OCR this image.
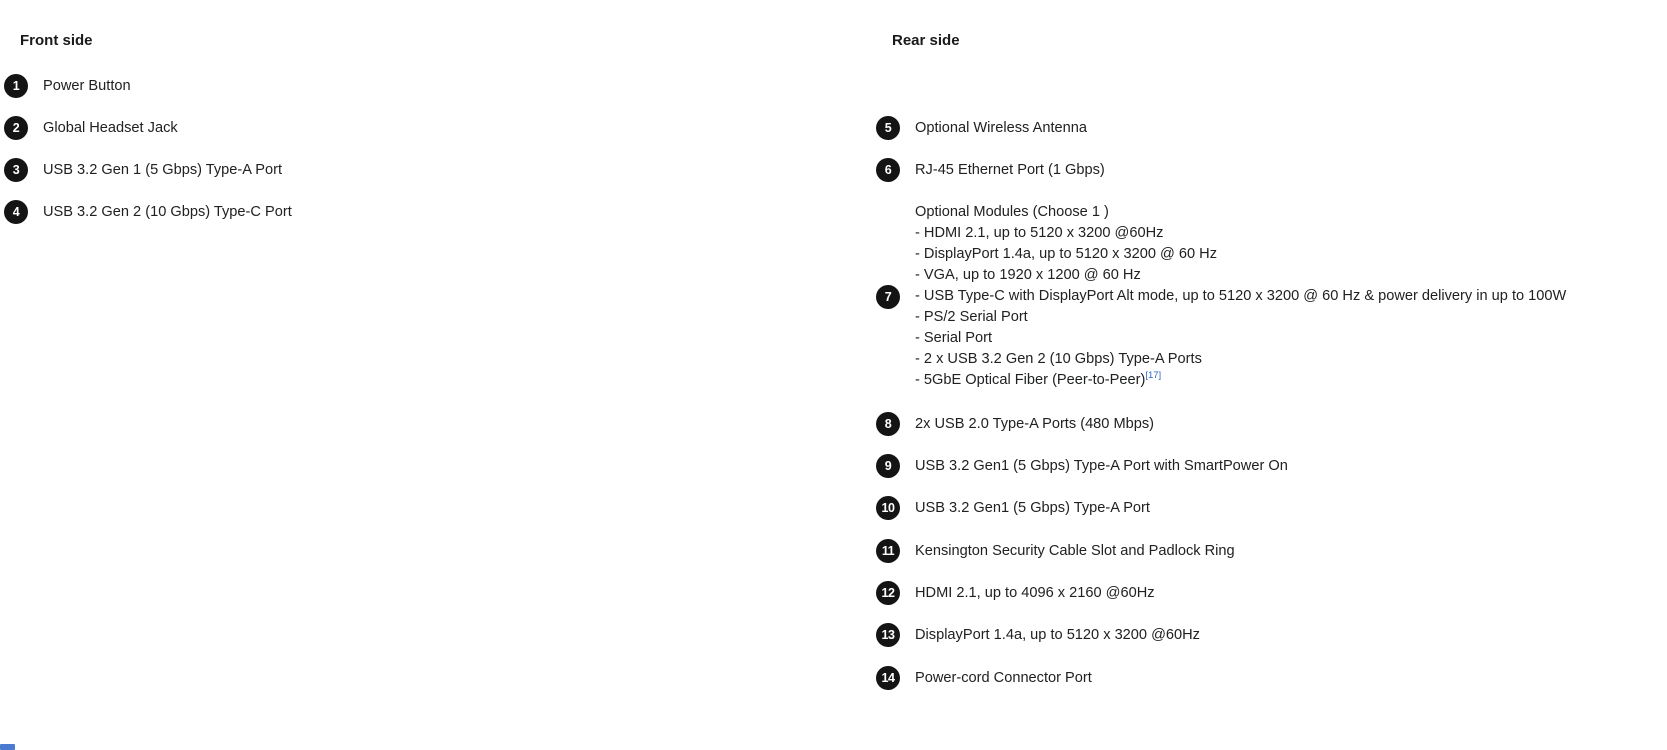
Front side	Rear side
1	Power Button
2	Global Headset Jack
3	USB 3.2 Gen 1 (5 Gbps) Type-A Port
4	USB 3.2 Gen 2 (10 Gbps) Type-C Port
5	Optional Wireless Antenna
6	RJ-45 Ethernet Port (1 Gbps)
7
Optional Modules (Choose 1 )
- HDMI 2.1, up to 5120 x 3200 @60Hz
- DisplayPort 1.4a, up to 5120 x 3200 @ 60 Hz
- VGA, up to 1920 x 1200 @ 60 Hz
- USB Type-C with DisplayPort Alt mode, up to 5120 x 3200 @ 60 Hz & power delivery in up to 100W
- PS/2 Serial Port
- Serial Port
- 2 x USB 3.2 Gen 2 (10 Gbps) Type-A Ports
- 5GbE Optical Fiber (Peer-to-Peer)[17]
8	2x USB 2.0 Type-A Ports (480 Mbps)
9	USB 3.2 Gen1 (5 Gbps) Type-A Port with SmartPower On
10	USB 3.2 Gen1 (5 Gbps) Type-A Port
11	Kensington Security Cable Slot and Padlock Ring
12	HDMI 2.1, up to 4096 x 2160 @60Hz
13	DisplayPort 1.4a, up to 5120 x 3200 @60Hz
14	Power-cord Connector Port
